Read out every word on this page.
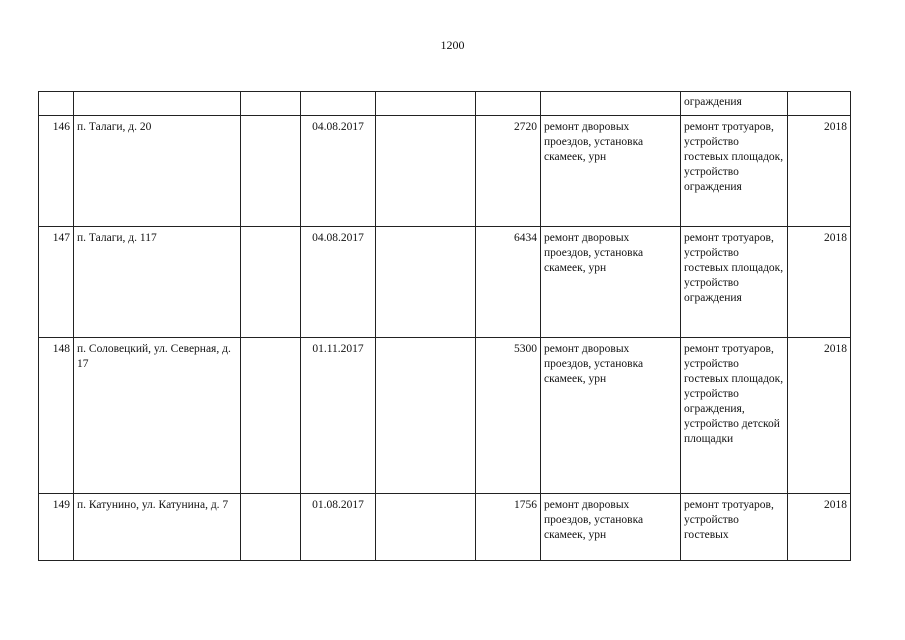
1200
							ограждения	
146	п. Талаги, д. 20		04.08.2017		2720	ремонт дворовых проездов, установка скамеек, урн	ремонт тротуаров, устройство гостевых площадок, устройство ограждения	2018
147	п. Талаги, д. 117		04.08.2017		6434	ремонт дворовых проездов, установка скамеек, урн	ремонт тротуаров, устройство гостевых площадок, устройство ограждения	2018
148	п. Соловецкий, ул. Северная, д. 17		01.11.2017		5300	ремонт дворовых проездов, установка скамеек, урн	ремонт тротуаров, устройство гостевых площадок, устройство ограждения, устройство детской площадки	2018
149	п. Катунино, ул. Катунина, д. 7		01.08.2017		1756	ремонт дворовых проездов, установка скамеек, урн	ремонт тротуаров, устройство гостевых	2018
